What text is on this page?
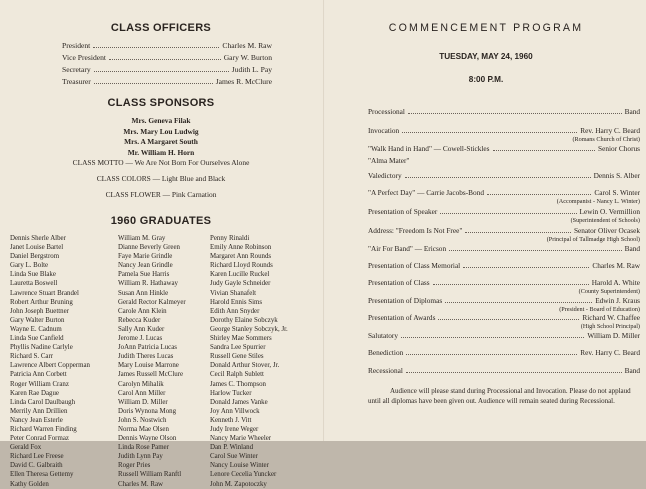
CLASS OFFICERS
President	Charles M. Raw
Vice President	Gary W. Burton
Secretary	Judith L. Pay
Treasurer	James R. McClure
CLASS SPONSORS
Mrs. Geneva Filak
Mrs. Mary Lou Ludwig
Mrs. A Margaret South
Mr. William H. Horn
CLASS MOTTO — We Are Not Born For Ourselves Alone
CLASS COLORS — Light Blue and Black
CLASS FLOWER — Pink Carnation
1960 GRADUATES
Dennis Sherle Alber
Janet Louise Bartel
Daniel Bergstrom
Gary L. Bolte
Linda Sue Blake
Lauretta Boswell
Lawrence Stuart Brandel
Robert Arthur Bruning
John Joseph Buettner
Gary Walter Burton
Wayne E. Cadnum
Linda Sue Canfield
Phyllis Nadine Carlyle
Richard S. Carr
Lawrence Albert Copperman
Patricia Ann Corbett
Roger William Cranz
Karen Rae Dague
Linda Carol Daulbaugh
Merrily Ann Drillien
Nancy Jean Esterle
Richard Warren Finding
Peter Conrad Formaz
Gerald Fox
Richard Lee Freese
David C. Galbraith
Ellen Theresa Gettemy
Kathy Golden
William M. Gray
Dianne Beverly Green
Faye Marie Grindle
Nancy Jean Grindle
Pamela Sue Harris
William R. Hathaway
Susan Ann Hinkle
Gerald Rector Kalmeyer
Carole Ann Klein
Rebecca Kuder
Sally Ann Kuder
Jerome J. Lucas
JoAnn Patricia Lucas
Judith Theres Lucas
Mary Louise Marrone
James Russell McClure
Carolyn Mihalik
Carol Ann Miller
William D. Miller
Doris Wynona Mong
John S. Nostwich
Norma Mae Olsen
Dennis Wayne Olson
Linda Rose Pamer
Judith Lynn Pay
Roger Pries
Russell William Ranftl
Charles M. Raw
Penny Rinaldi
Emily Anne Robinson
Margaret Ann Rounds
Richard Lloyd Rounds
Karen Lucille Ruckel
Judy Gayle Schneider
Vivian Shanafelt
Harold Ennis Sims
Edith Ann Snyder
Dorothy Elaine Sobczyk
George Stanley Sobczyk, Jr.
Shirley Mae Sommers
Sandra Lee Spurrier
Russell Gene Stiles
Donald Arthur Stover, Jr.
Cecil Ralph Sublett
James C. Thompson
Harlow Tucker
Donald James Vanke
Joy Ann Villwock
Kenneth J. Vitt
Judy Irene Weger
Nancy Marie Wheeler
Dan P. Winland
Carol Sue Winter
Nancy Louise Winter
Lenore Cecelia Yuncker
John M. Zapotoczky
COMMENCEMENT PROGRAM
TUESDAY, MAY 24, 1960
8:00 P.M.
Processional	Band
Invocation	Rev. Harry C. Beard
(Romans Church of Christ)
"Walk Hand in Hand" — Cowell-Stickles	Senior Chorus
"Alma Mater"
Valedictory	Dennis S. Alber
"A Perfect Day" — Carrie Jacobs-Bond	Carol S. Winter
(Accompanist - Nancy L. Winter)
Presentation of Speaker	Lewin O. Vermillion
(Superintendent of Schools)
Address: "Freedom Is Not Free"	Senator Oliver Ocasek
(Principal of Tallmadge High School)
"Air For Band" — Ericson	Band
Presentation of Class Memorial	Charles M. Raw
Presentation of Class	Harold A. White
(County Superintendent)
Presentation of Diplomas	Edwin J. Kraus
(President - Board of Education)
Presentation of Awards	Richard W. Chaffee
(High School Principal)
Salutatory	William D. Miller
Benediction	Rev. Harry C. Beard
Recessional	Band
Audience will please stand during Processional and Invocation. Please do not applaud until all diplomas have been given out. Audience will remain seated during Recessional.
